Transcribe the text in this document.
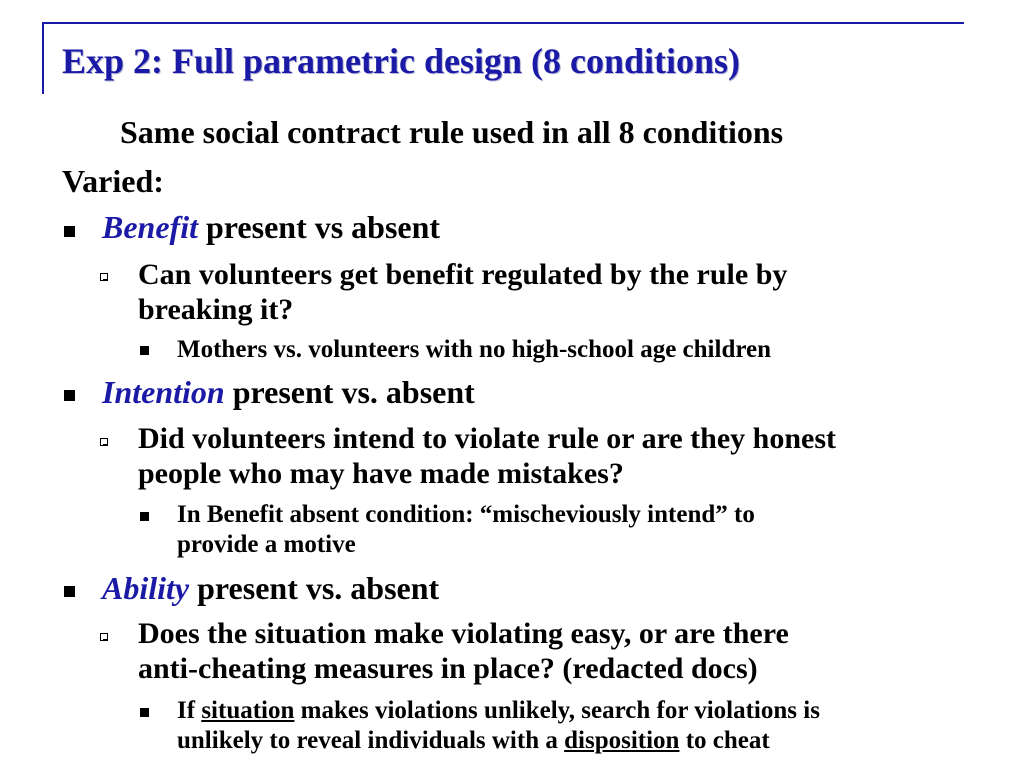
Exp 2: Full parametric design (8 conditions)
Same social contract rule used in all 8 conditions
Varied:
Benefit present vs absent
Can volunteers get benefit regulated by the rule by
breaking it?
Mothers vs. volunteers with no high-school age children
Intention present vs. absent
Did volunteers intend to violate rule or are they honest
people who may have made mistakes?
In Benefit absent condition: “mischeviously intend” to
provide a motive
Ability present vs. absent
Does the situation make violating easy, or are there
anti-cheating measures in place? (redacted docs)
If situation makes violations unlikely, search for violations is
unlikely to reveal individuals with a disposition to cheat
